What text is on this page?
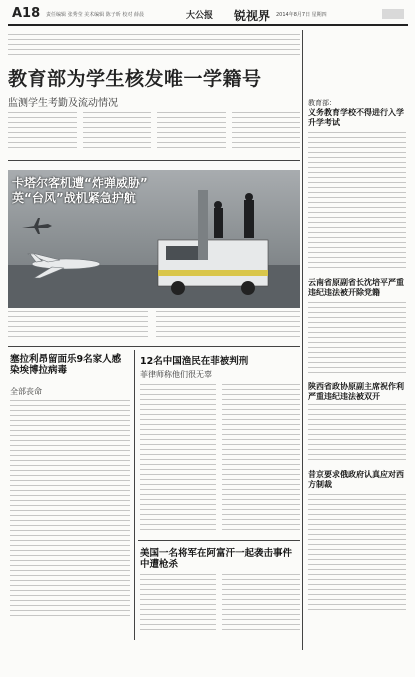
A18 责任编辑 张秀莹 美术编辑 陈子昕 校对 薛晨	大公报 锐视界 2014年8月7日 星期四
教育部为学生核发唯一学籍号
监测学生考勤及流动情况
卡塔尔客机遭“炸弹威胁”
英“台风”战机紧急护航
塞拉利昂留面乐9名家人感染埃博拉病毒
全部丧命
12名中国渔民在菲被判刑
菲律师称他们很无辜
美国一名将军在阿富汗一起袭击事件中遭枪杀
教育部：
义务教育学校不得进行入学升学考试
云南省原副省长沈培平严重违纪违法被开除党籍
陕西省政协原副主席祝作利严重违纪违法被双开
昔京要求俄政府认真应对西方制裁
